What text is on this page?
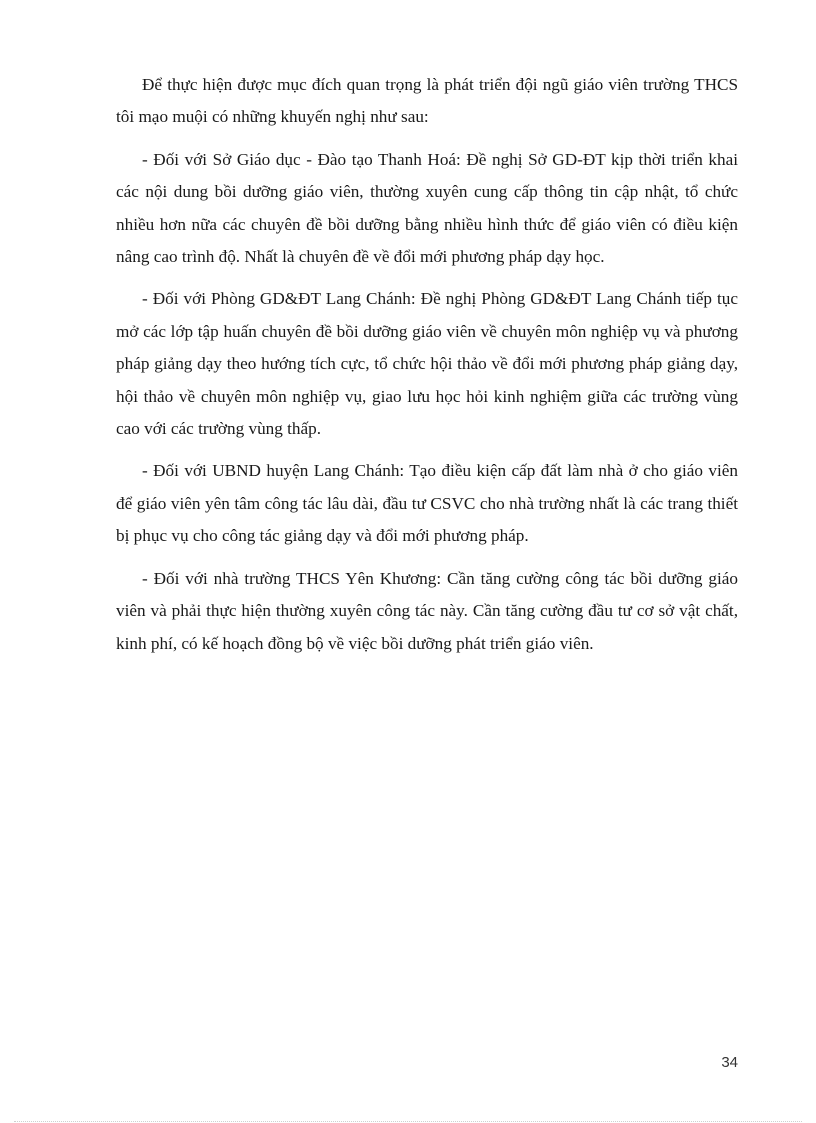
Để thực hiện được mục đích quan trọng là phát triển đội ngũ giáo viên trường THCS tôi mạo muội có những khuyến nghị như sau:

- Đối với Sở Giáo dục - Đào tạo Thanh Hoá: Đề nghị Sở GD-ĐT kịp thời triển khai các nội dung bồi dưỡng giáo viên, thường xuyên cung cấp thông tin cập nhật, tổ chức nhiều hơn nữa các chuyên đề bồi dưỡng bằng nhiều hình thức để giáo viên có điều kiện nâng cao trình độ. Nhất là chuyên đề về đổi mới phương pháp dạy học.

- Đối với Phòng GD&ĐT Lang Chánh: Đề nghị Phòng GD&ĐT Lang Chánh tiếp tục mở các lớp tập huấn chuyên đề bồi dưỡng giáo viên về chuyên môn nghiệp vụ và phương pháp giảng dạy theo hướng tích cực, tổ chức hội thảo về đổi mới phương pháp giảng dạy, hội thảo về chuyên môn nghiệp vụ, giao lưu học hỏi kinh nghiệm giữa các trường vùng cao với các trường vùng thấp.

- Đối với UBND huyện Lang Chánh: Tạo điều kiện cấp đất làm nhà ở cho giáo viên để giáo viên yên tâm công tác lâu dài, đầu tư CSVC cho nhà trường nhất là các trang thiết bị phục vụ cho công tác giảng dạy và đổi mới phương pháp.

- Đối với nhà trường THCS Yên Khương: Cần tăng cường công tác bồi dưỡng giáo viên và phải thực hiện thường xuyên công tác này. Cần tăng cường đầu tư cơ sở vật chất, kinh phí, có kế hoạch đồng bộ về việc bồi dưỡng phát triển giáo viên.

34
